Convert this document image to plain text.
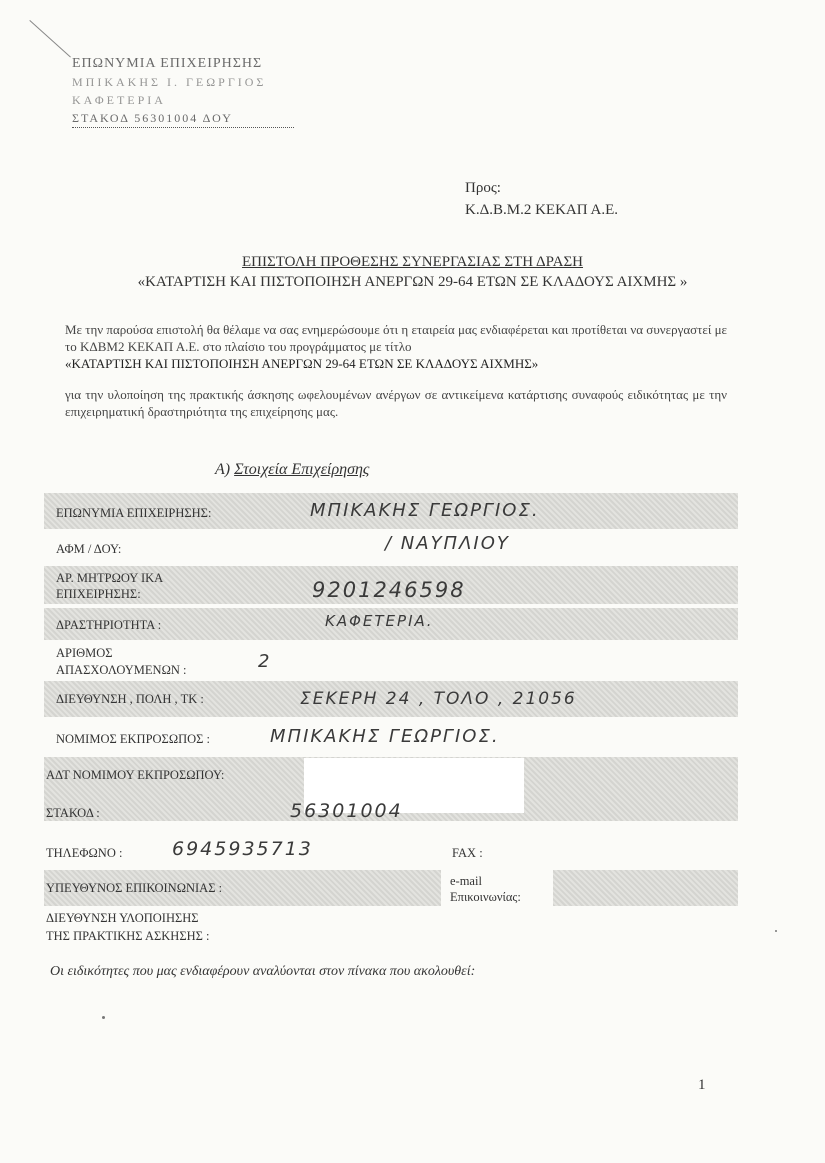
ΕΠΩΝΥΜΙΑ ΕΠΙΧΕΙΡΗΣΗΣ
ΜΠΙΚΑΚΗΣ Ι. ΓΕΩΡΓΙΟΣ
ΚΑΦΕΤΕΡΙΑ
ΣΤΑΚΟΔ 56301004 ΔΟΥ
Προς:
Κ.Δ.Β.Μ.2 ΚΕΚΑΠ Α.Ε.
ΕΠΙΣΤΟΛΗ ΠΡΟΘΕΣΗΣ ΣΥΝΕΡΓΑΣΙΑΣ ΣΤΗ ΔΡΑΣΗ
«ΚΑΤΑΡΤΙΣΗ ΚΑΙ ΠΙΣΤΟΠΟΙΗΣΗ ΑΝΕΡΓΩΝ 29-64 ΕΤΩΝ ΣΕ ΚΛΑΔΟΥΣ ΑΙΧΜΗΣ »
Με την παρούσα επιστολή θα θέλαμε να σας ενημερώσουμε ότι η εταιρεία μας ενδιαφέρεται και προτίθεται να συνεργαστεί με το ΚΔΒΜ2 ΚΕΚΑΠ Α.Ε. στο πλαίσιο του προγράμματος με τίτλο
«ΚΑΤΑΡΤΙΣΗ ΚΑΙ ΠΙΣΤΟΠΟΙΗΣΗ ΑΝΕΡΓΩΝ 29-64 ΕΤΩΝ ΣΕ ΚΛΑΔΟΥΣ ΑΙΧΜΗΣ»
για την υλοποίηση της πρακτικής άσκησης ωφελουμένων ανέργων σε αντικείμενα κατάρτισης συναφούς ειδικότητας με την επιχειρηματική δραστηριότητα της επιχείρησης μας.
Α) Στοιχεία Επιχείρησης
ΕΠΩΝΥΜΙΑ ΕΠΙΧΕΙΡΗΣΗΣ:	ΜΠΙΚΑΚΗΣ ΓΕΩΡΓΙΟΣ.
ΑΦΜ / ΔΟΥ:	/ ΝΑΥΠΛΙΟΥ
ΑΡ. ΜΗΤΡΩΟΥ ΙΚΑ
ΕΠΙΧΕΙΡΗΣΗΣ:	9201246598
ΔΡΑΣΤΗΡΙΟΤΗΤΑ :	ΚΑΦΕΤΕΡΙΑ.
ΑΡΙΘΜΟΣ
ΑΠΑΣΧΟΛΟΥΜΕΝΩΝ :	2
ΔΙΕΥΘΥΝΣΗ , ΠΟΛΗ , ΤΚ :	ΣΕΚΕΡΗ 24 , ΤΟΛΟ , 21056
ΝΟΜΙΜΟΣ ΕΚΠΡΟΣΩΠΟΣ :	ΜΠΙΚΑΚΗΣ ΓΕΩΡΓΙΟΣ.
ΑΔΤ ΝΟΜΙΜΟΥ ΕΚΠΡΟΣΩΠΟΥ:
ΣΤΑΚΟΔ :	56301004
ΤΗΛΕΦΩΝΟ :	6945935713	FAX :
ΥΠΕΥΘΥΝΟΣ ΕΠΙΚΟΙΝΩΝΙΑΣ :	e-mail
Επικοινωνίας:
ΔΙΕΥΘΥΝΣΗ ΥΛΟΠΟΙΗΣΗΣ
ΤΗΣ ΠΡΑΚΤΙΚΗΣ ΑΣΚΗΣΗΣ :
Οι ειδικότητες που μας ενδιαφέρουν αναλύονται στον πίνακα που ακολουθεί:
1
